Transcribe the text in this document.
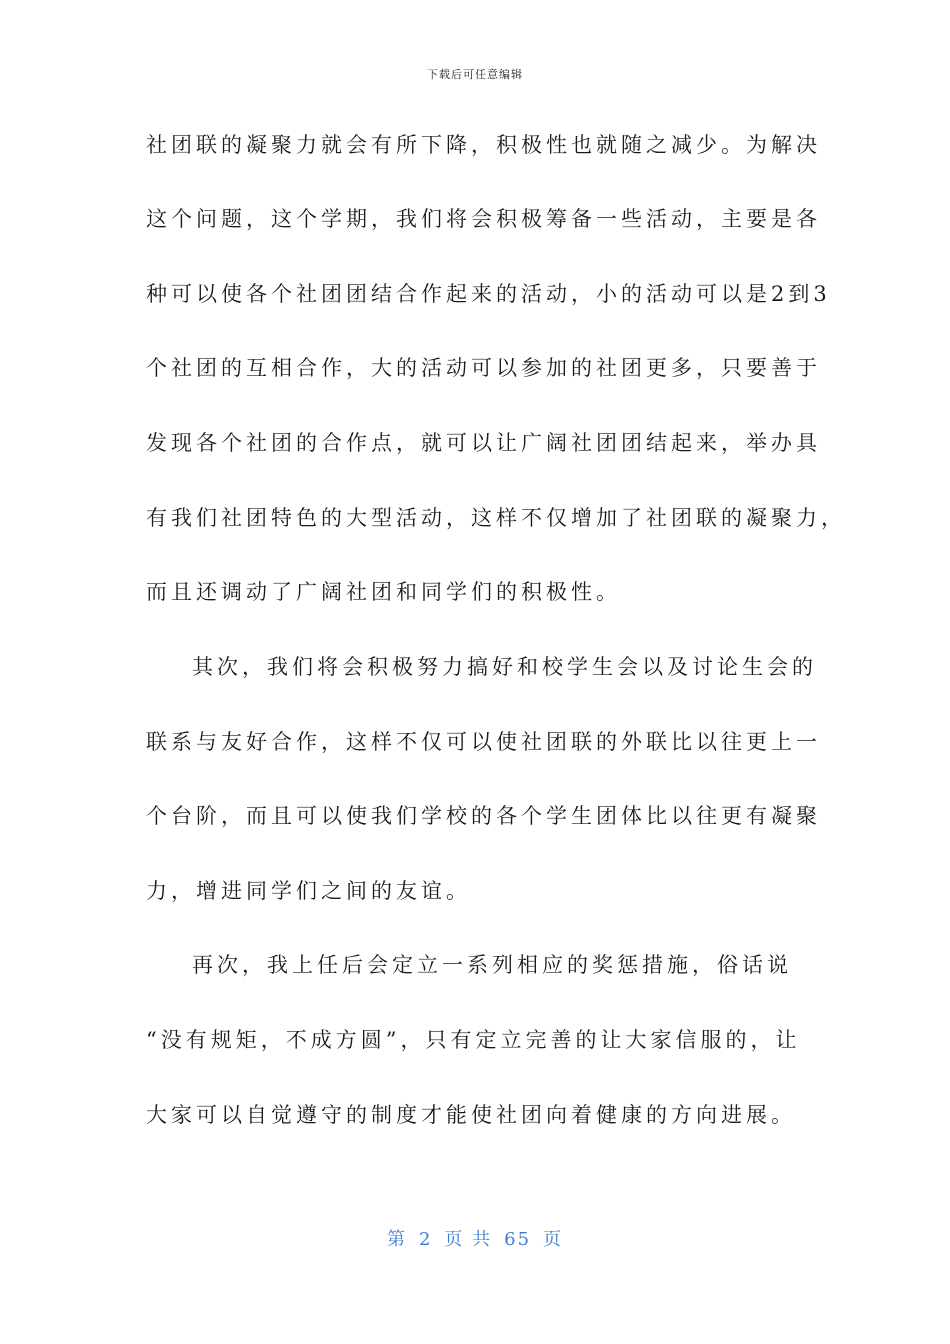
下载后可任意编辑
社团联的凝聚力就会有所下降，积极性也就随之减少。为解决
这个问题，这个学期，我们将会积极筹备一些活动，主要是各
种可以使各个社团团结合作起来的活动，小的活动可以是2到3
个社团的互相合作，大的活动可以参加的社团更多，只要善于
发现各个社团的合作点，就可以让广阔社团团结起来，举办具
有我们社团特色的大型活动，这样不仅增加了社团联的凝聚力，
而且还调动了广阔社团和同学们的积极性。
其次，我们将会积极努力搞好和校学生会以及讨论生会的
联系与友好合作，这样不仅可以使社团联的外联比以往更上一
个台阶，而且可以使我们学校的各个学生团体比以往更有凝聚
力，增进同学们之间的友谊。
再次，我上任后会定立一系列相应的奖惩措施，俗话说
“没有规矩，不成方圆”，只有定立完善的让大家信服的，让
大家可以自觉遵守的制度才能使社团向着健康的方向进展。
第 2 页 共 65 页
